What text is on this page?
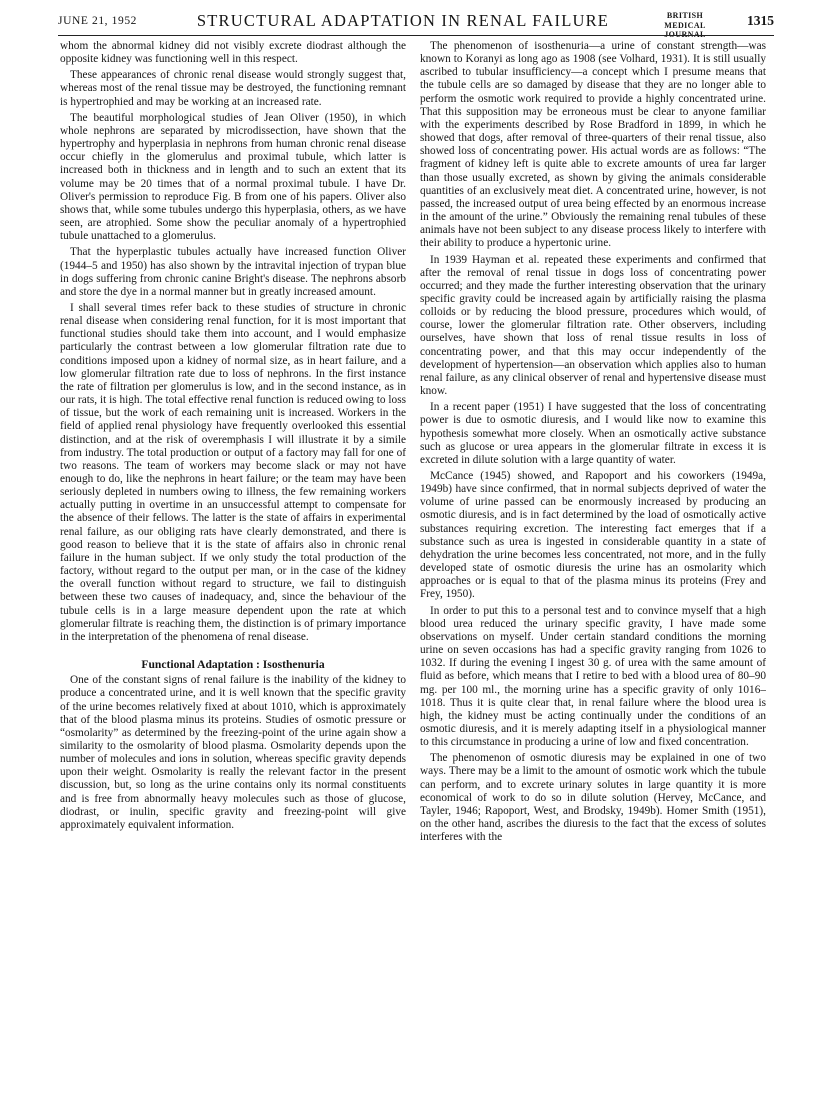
JUNE 21, 1952	STRUCTURAL ADAPTATION IN RENAL FAILURE	BRITISH
MEDICAL JOURNAL
1315

whom the abnormal kidney did not visibly excrete diodrast although the opposite kidney was functioning well in this respect.

These appearances of chronic renal disease would strongly suggest that, whereas most of the renal tissue may be destroyed, the functioning remnant is hypertrophied and may be working at an increased rate.

The beautiful morphological studies of Jean Oliver (1950), in which whole nephrons are separated by microdissection, have shown that the hypertrophy and hyperplasia in nephrons from human chronic renal disease occur chiefly in the glomerulus and proximal tubule, which latter is increased both in thickness and in length and to such an extent that its volume may be 20 times that of a normal proximal tubule. I have Dr. Oliver's permission to reproduce Fig. B from one of his papers. Oliver also shows that, while some tubules undergo this hyperplasia, others, as we have seen, are atrophied. Some show the peculiar anomaly of a hypertrophied tubule unattached to a glomerulus.

That the hyperplastic tubules actually have increased function Oliver (1944–5 and 1950) has also shown by the intravital injection of trypan blue in dogs suffering from chronic canine Bright's disease. The nephrons absorb and store the dye in a normal manner but in greatly increased amount.

I shall several times refer back to these studies of structure in chronic renal disease when considering renal function, for it is most important that functional studies should take them into account, and I would emphasize particularly the contrast between a low glomerular filtration rate due to conditions imposed upon a kidney of normal size, as in heart failure, and a low glomerular filtration rate due to loss of nephrons. In the first instance the rate of filtration per glomerulus is low, and in the second instance, as in our rats, it is high. The total effective renal function is reduced owing to loss of tissue, but the work of each remaining unit is increased. Workers in the field of applied renal physiology have frequently overlooked this essential distinction, and at the risk of overemphasis I will illustrate it by a simile from industry. The total production or output of a factory may fall for one of two reasons. The team of workers may become slack or may not have enough to do, like the nephrons in heart failure; or the team may have been seriously depleted in numbers owing to illness, the few remaining workers actually putting in overtime in an unsuccessful attempt to compensate for the absence of their fellows. The latter is the state of affairs in experimental renal failure, as our obliging rats have clearly demonstrated, and there is good reason to believe that it is the state of affairs also in chronic renal failure in the human subject. If we only study the total production of the factory, without regard to the output per man, or in the case of the kidney the overall function without regard to structure, we fail to distinguish between these two causes of inadequacy, and, since the behaviour of the tubule cells is in a large measure dependent upon the rate at which glomerular filtrate is reaching them, the distinction is of primary importance in the interpretation of the phenomena of renal disease.

Functional Adaptation : Isosthenuria

One of the constant signs of renal failure is the inability of the kidney to produce a concentrated urine, and it is well known that the specific gravity of the urine becomes relatively fixed at about 1010, which is approximately that of the blood plasma minus its proteins. Studies of osmotic pressure or “osmolarity” as determined by the freezing-point of the urine again show a similarity to the osmolarity of blood plasma. Osmolarity depends upon the number of molecules and ions in solution, whereas specific gravity depends upon their weight. Osmolarity is really the relevant factor in the present discussion, but, so long as the urine contains only its normal constituents and is free from abnormally heavy molecules such as those of glucose, diodrast, or inulin, specific gravity and freezing-point will give approximately equivalent information.

The phenomenon of isosthenuria—a urine of constant strength—was known to Koranyi as long ago as 1908 (see Volhard, 1931). It is still usually ascribed to tubular insufficiency—a concept which I presume means that the tubule cells are so damaged by disease that they are no longer able to perform the osmotic work required to provide a highly concentrated urine. That this supposition may be erroneous must be clear to anyone familiar with the experiments described by Rose Bradford in 1899, in which he showed that dogs, after removal of three-quarters of their renal tissue, also showed loss of concentrating power. His actual words are as follows: “The fragment of kidney left is quite able to excrete amounts of urea far larger than those usually excreted, as shown by giving the animals considerable quantities of an exclusively meat diet. A concentrated urine, however, is not passed, the increased output of urea being effected by an enormous increase in the amount of the urine.” Obviously the remaining renal tubules of these animals have not been subject to any disease process likely to interfere with their ability to produce a hypertonic urine.

In 1939 Hayman et al. repeated these experiments and confirmed that after the removal of renal tissue in dogs loss of concentrating power occurred; and they made the further interesting observation that the urinary specific gravity could be increased again by artificially raising the plasma colloids or by reducing the blood pressure, procedures which would, of course, lower the glomerular filtration rate. Other observers, including ourselves, have shown that loss of renal tissue results in loss of concentrating power, and that this may occur independently of the development of hypertension—an observation which applies also to human renal failure, as any clinical observer of renal and hypertensive disease must know.

In a recent paper (1951) I have suggested that the loss of concentrating power is due to osmotic diuresis, and I would like now to examine this hypothesis somewhat more closely. When an osmotically active substance such as glucose or urea appears in the glomerular filtrate in excess it is excreted in dilute solution with a large quantity of water.

McCance (1945) showed, and Rapoport and his coworkers (1949a, 1949b) have since confirmed, that in normal subjects deprived of water the volume of urine passed can be enormously increased by producing an osmotic diuresis, and is in fact determined by the load of osmotically active substances requiring excretion. The interesting fact emerges that if a substance such as urea is ingested in considerable quantity in a state of dehydration the urine becomes less concentrated, not more, and in the fully developed state of osmotic diuresis the urine has an osmolarity which approaches or is equal to that of the plasma minus its proteins (Frey and Frey, 1950).

In order to put this to a personal test and to convince myself that a high blood urea reduced the urinary specific gravity, I have made some observations on myself. Under certain standard conditions the morning urine on seven occasions has had a specific gravity ranging from 1026 to 1032. If during the evening I ingest 30 g. of urea with the same amount of fluid as before, which means that I retire to bed with a blood urea of 80–90 mg. per 100 ml., the morning urine has a specific gravity of only 1016–1018. Thus it is quite clear that, in renal failure where the blood urea is high, the kidney must be acting continually under the conditions of an osmotic diuresis, and it is merely adapting itself in a physiological manner to this circumstance in producing a urine of low and fixed concentration.

The phenomenon of osmotic diuresis may be explained in one of two ways. There may be a limit to the amount of osmotic work which the tubule can perform, and to excrete urinary solutes in large quantity it is more economical of work to do so in dilute solution (Hervey, McCance, and Tayler, 1946; Rapoport, West, and Brodsky, 1949b). Homer Smith (1951), on the other hand, ascribes the diuresis to the fact that the excess of solutes interferes with the
